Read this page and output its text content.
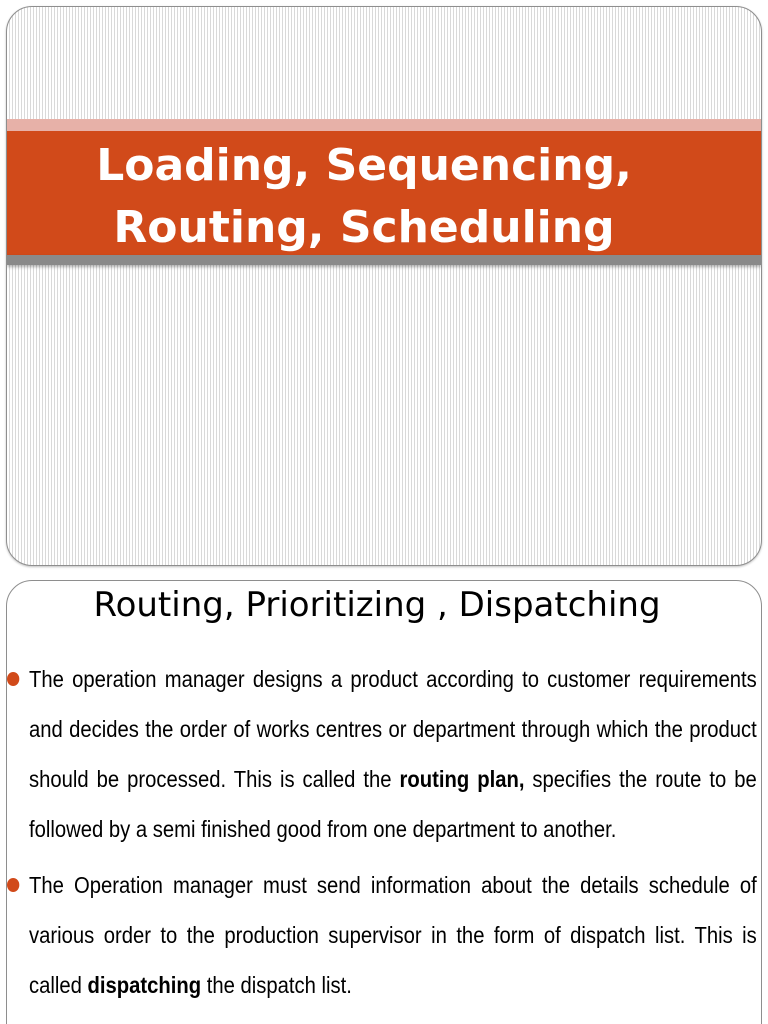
Loading, Sequencing,
Routing, Scheduling
Routing, Prioritizing , Dispatching
The operation manager designs a product according to customer requirements and decides the order of works centres or department through which the product should be processed. This is called the routing plan, specifies the route to be followed by a semi finished good from one department to another.
The Operation manager must send information about the details schedule of various order to the production supervisor in the form of dispatch list. This is called dispatching the dispatch list.
